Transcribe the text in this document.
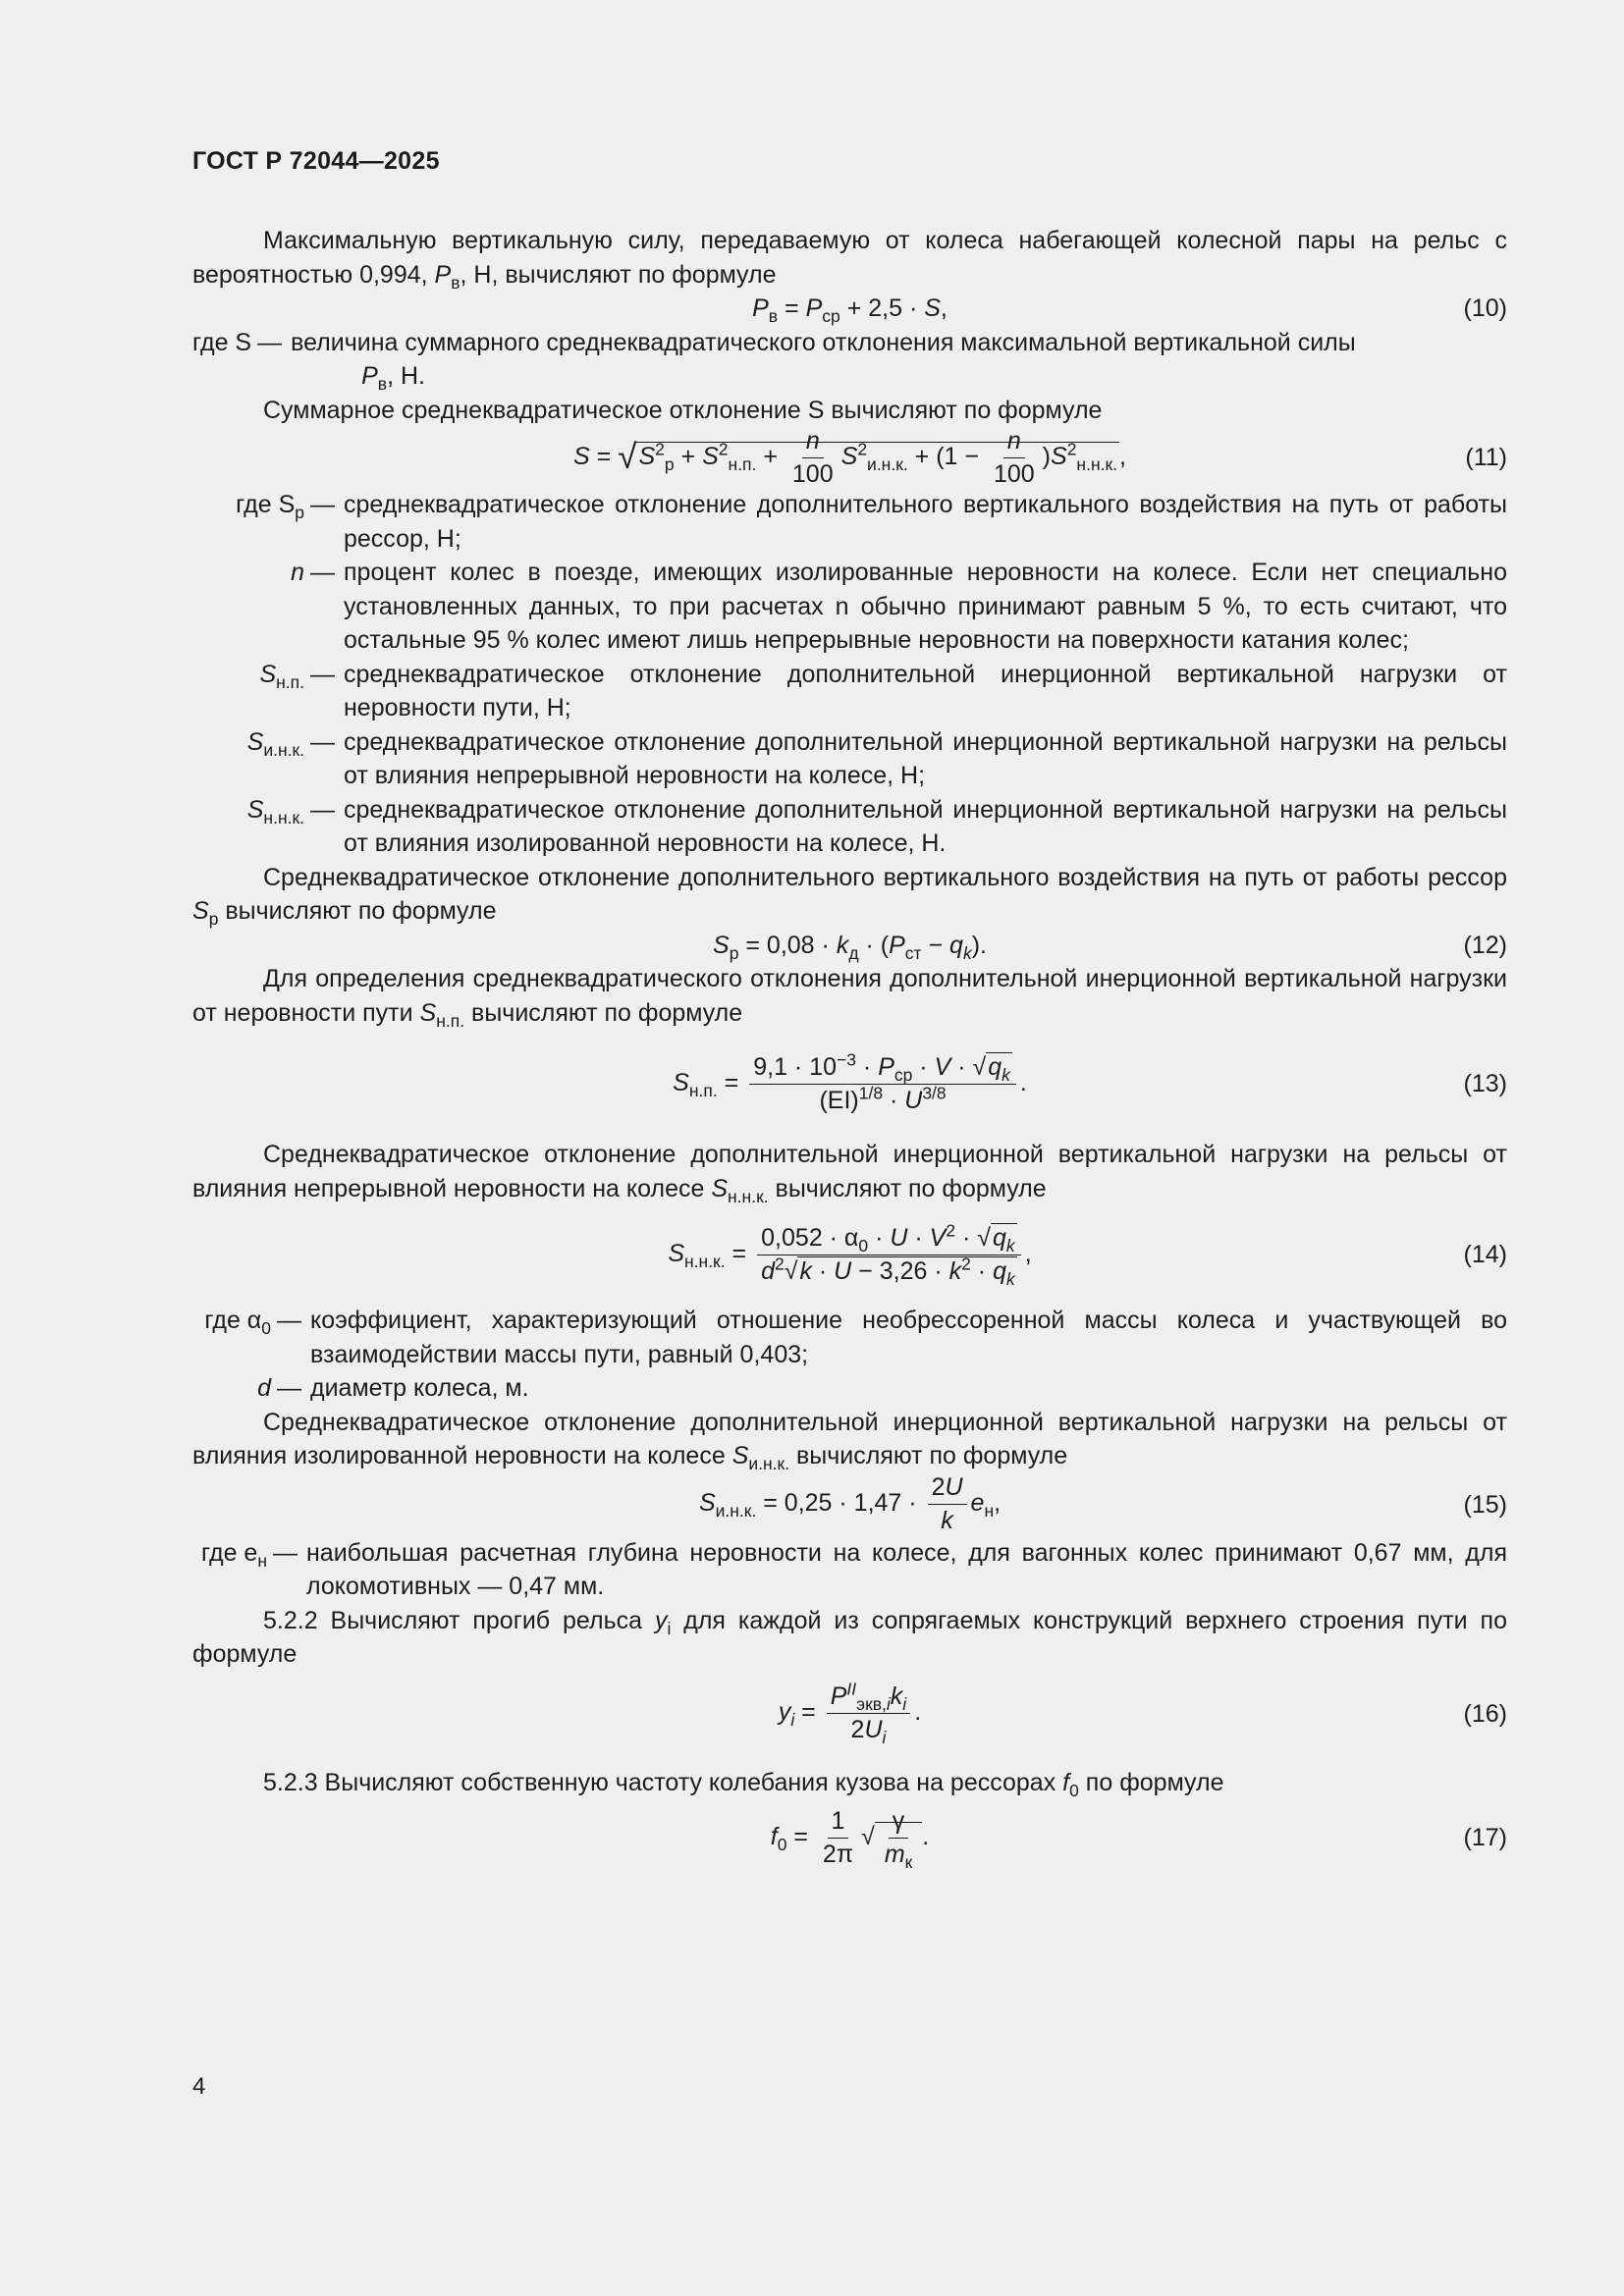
ГОСТ Р 72044—2025

Максимальную вертикальную силу, передаваемую от колеса набегающей колесной пары на рельс с вероятностью 0,994, $P_в$, Н, вычисляют по формуле

$P_в = P_{ср} + 2,5 \cdot S$,	(10)
где S — величина суммарного среднеквадратического отклонения максимальной вертикальной силы
$P_в$, Н.

Суммарное среднеквадратическое отклонение S вычисляют по формуле

$S = √S^2_р + S^2_{н.п.} + \frac{n}{100} S^2_{и.н.к.} + (1 - \frac{n}{100} )S^2_{н.н.к.}$,	(11)
где $S_р$ — среднеквадратическое отклонение дополнительного вертикального воздействия на путь от работы рессор, Н;
n — процент колес в поезде, имеющих изолированные неровности на колесе. Если нет специально установленных данных, то при расчетах n обычно принимают равным 5 %, то есть считают, что остальные 95 % колес имеют лишь непрерывные неровности на поверхности катания колес;
$S_{н.п.}$ — среднеквадратическое отклонение дополнительной инерционной вертикальной нагрузки от неровности пути, Н;
$S_{и.н.к.}$ — среднеквадратическое отклонение дополнительной инерционной вертикальной нагрузки на рельсы от влияния непрерывной неровности на колесе, Н;
$S_{н.н.к.}$ — среднеквадратическое отклонение дополнительной инерционной вертикальной нагрузки на рельсы от влияния изолированной неровности на колесе, Н.

Среднеквадратическое отклонение дополнительного вертикального воздействия на путь от работы рессор $S_р$ вычисляют по формуле

$S_р = 0,08 \cdot k_д \cdot (P_{ст} - q_k)$.	(12)

Для определения среднеквадратического отклонения дополнительной инерционной вертикальной нагрузки от неровности пути $S_{н.п.}$ вычисляют по формуле

$S_{н.п.} = \frac{9,1 \cdot 10^{-3} \cdot P_{ср} \cdot V \cdot √q_k}{(EI)^{1/8} \cdot U^{3/8}}$ .	(13)

Среднеквадратическое отклонение дополнительной инерционной вертикальной нагрузки на рельсы от влияния непрерывной неровности на колесе $S_{н.н.к.}$ вычисляют по формуле

$S_{н.н.к.} = \frac{0,052 \cdot \alpha_0 \cdot U \cdot V^2 \cdot √q_k}{d^2√k \cdot U - 3,26 \cdot k^2 \cdot q_k}$ ,	(14)
где $\alpha_0$ — коэффициент, характеризующий отношение необрессоренной массы колеса и участвующей во взаимодействии массы пути, равный 0,403;
d — диаметр колеса, м.

Среднеквадратическое отклонение дополнительной инерционной вертикальной нагрузки на рельсы от влияния изолированной неровности на колесе $S_{и.н.к.}$ вычисляют по формуле

$S_{и.н.к.} = 0,25 \cdot 1,47 \cdot \frac{2U}{k} e_н$,	(15)
где $e_н$ — наибольшая расчетная глубина неровности на колесе, для вагонных колес принимают 0,67 мм, для локомотивных — 0,47 мм.

5.2.2 Вычисляют прогиб рельса $y_i$ для каждой из сопрягаемых конструкций верхнего строения пути по формуле

$y_i = \frac{P^{II}_{экв,i}k_i}{2U_i}$ .	(16)

5.2.3 Вычисляют собственную частоту колебания кузова на рессорах $f_0$ по формуле

$f_0 = \frac{1}{2\pi}$ √ $\frac{\gamma}{m_к}$ .	(17)
4
